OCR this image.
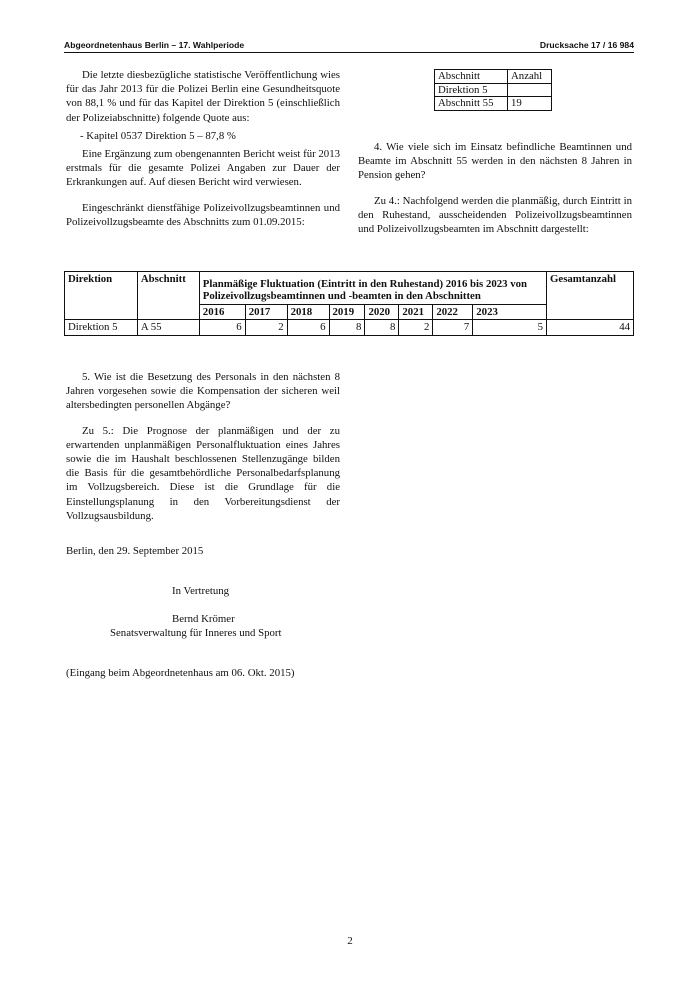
Abgeordnetenhaus Berlin – 17. Wahlperiode	Drucksache 17 / 16 984

Die letzte diesbezügliche statistische Veröffentlichung wies für das Jahr 2013 für die Polizei Berlin eine Gesundheitsquote von 88,1 % und für das Kapitel der Direktion 5 (einschließlich der Polizeiabschnitte) folgende Quote aus:

- Kapitel 0537 Direktion 5 – 87,8 %

Eine Ergänzung zum obengenannten Bericht weist für 2013 erstmals für die gesamte Polizei Angaben zur Dauer der Erkrankungen auf. Auf diesen Bericht wird verwiesen.

Eingeschränkt dienstfähige Polizeivollzugsbeamtinnen und Polizeivollzugsbeamte des Abschnitts zum 01.09.2015:

Abschnitt	Anzahl
Direktion 5	
Abschnitt 55	19

4. Wie viele sich im Einsatz befindliche Beamtinnen und Beamte im Abschnitt 55 werden in den nächsten 8 Jahren in Pension gehen?

Zu 4.: Nachfolgend werden die planmäßig, durch Eintritt in den Ruhestand, ausscheidenden Polizeivollzugsbeamtinnen und Polizeivollzugsbeamten im Abschnitt dargestellt:

Direktion	Abschnitt	Planmäßige Fluktuation (Eintritt in den Ruhestand) 2016 bis 2023 von Polizeivollzugsbeamtinnen und -beamten in den Abschnitten								Gesamtanzahl
		2016	2017	2018	2019	2020	2021	2022	2023	
Direktion 5	A 55	6	2	6	8	8	2	7	5	44

5. Wie ist die Besetzung des Personals in den nächsten 8 Jahren vorgesehen sowie die Kompensation der sicheren weil altersbedingten personellen Abgänge?

Zu 5.: Die Prognose der planmäßigen und der zu erwartenden unplanmäßigen Personalfluktuation eines Jahres sowie die im Haushalt beschlossenen Stellenzugänge bilden die Basis für die gesamtbehördliche Personalbedarfsplanung im Vollzugsbereich. Diese ist die Grundlage für die Einstellungsplanung in den Vorbereitungsdienst der Vollzugsausbildung.

Berlin, den 29. September 2015
In Vertretung
Bernd Krömer
Senatsverwaltung für Inneres und Sport
(Eingang beim Abgeordnetenhaus am 06. Okt. 2015)
2
